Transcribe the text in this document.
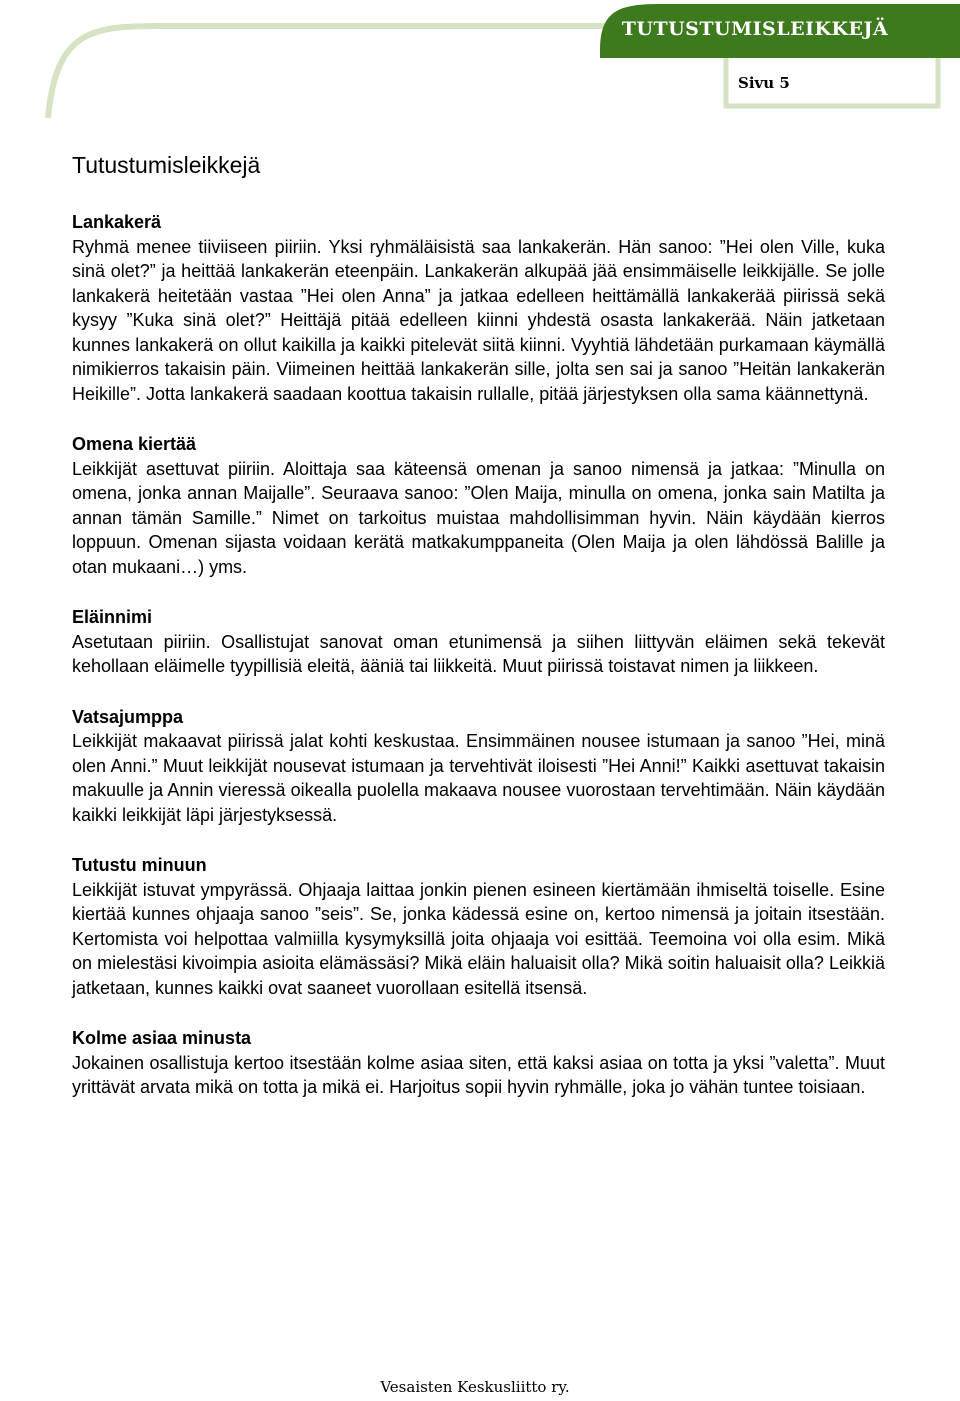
TUTUSTUMISLEIKKEJÄ
Sivu 5
Tutustumisleikkejä
Lankakerä
Ryhmä menee tiiviiseen piiriin. Yksi ryhmäläisistä saa lankakerän. Hän sanoo: ”Hei olen Ville, kuka sinä olet?” ja heittää lankakerän eteenpäin. Lankakerän alkupää jää ensimmäiselle leikkijälle. Se jolle lankakerä heitetään vastaa ”Hei olen Anna” ja jatkaa edelleen heittämällä lankakerää piirissä sekä kysyy ”Kuka sinä olet?” Heittäjä pitää edelleen kiinni yhdestä osasta lankakerää. Näin jatketaan kunnes lankakerä on ollut kaikilla ja kaikki pitelevät siitä kiinni. Vyyhtiä lähdetään purkamaan käymällä nimikierros takaisin päin. Viimeinen heittää lankakerän sille, jolta sen sai ja sanoo ”Heitän lankakerän Heikille”. Jotta lankakerä saadaan koottua takaisin rullalle, pitää järjestyksen olla sama käännettynä.
Omena kiertää
Leikkijät asettuvat piiriin. Aloittaja saa käteensä omenan ja sanoo nimensä ja jatkaa: ”Minulla on omena, jonka annan Maijalle”. Seuraava sanoo: ”Olen Maija, minulla on omena, jonka sain Matilta ja annan tämän Samille.” Nimet on tarkoitus muistaa mahdollisimman hyvin. Näin käydään kierros loppuun. Omenan sijasta voidaan kerätä matkakumppaneita (Olen Maija ja olen lähdössä Balille ja otan mukaani…) yms.
Eläinnimi
Asetutaan piiriin. Osallistujat sanovat oman etunimensä ja siihen liittyvän eläimen sekä tekevät kehollaan eläimelle tyypillisiä eleitä, ääniä tai liikkeitä. Muut piirissä toistavat nimen ja liikkeen.
Vatsajumppa
Leikkijät makaavat piirissä jalat kohti keskustaa. Ensimmäinen nousee istumaan ja sanoo ”Hei, minä olen Anni.” Muut leikkijät nousevat istumaan ja tervehtivät iloisesti ”Hei Anni!” Kaikki asettuvat takaisin makuulle ja Annin vieressä oikealla puolella makaava nousee vuorostaan tervehtimään. Näin käydään kaikki leikkijät läpi järjestyksessä.
Tutustu minuun
Leikkijät istuvat ympyrässä. Ohjaaja laittaa jonkin pienen esineen kiertämään ihmiseltä toiselle. Esine kiertää kunnes ohjaaja sanoo ”seis”. Se, jonka kädessä esine on, kertoo nimensä ja joitain itsestään. Kertomista voi helpottaa valmiilla kysymyksillä joita ohjaaja voi esittää. Teemoina voi olla esim. Mikä on mielestäsi kivoimpia asioita elämässäsi? Mikä eläin haluaisit olla? Mikä soitin haluaisit olla? Leikkiä jatketaan, kunnes kaikki ovat saaneet vuorollaan esitellä itsensä.
Kolme asiaa minusta
Jokainen osallistuja kertoo itsestään kolme asiaa siten, että kaksi asiaa on totta ja yksi ”valetta”. Muut yrittävät arvata mikä on totta ja mikä ei. Harjoitus sopii hyvin ryhmälle, joka jo vähän tuntee toisiaan.
Vesaisten Keskusliitto ry.
